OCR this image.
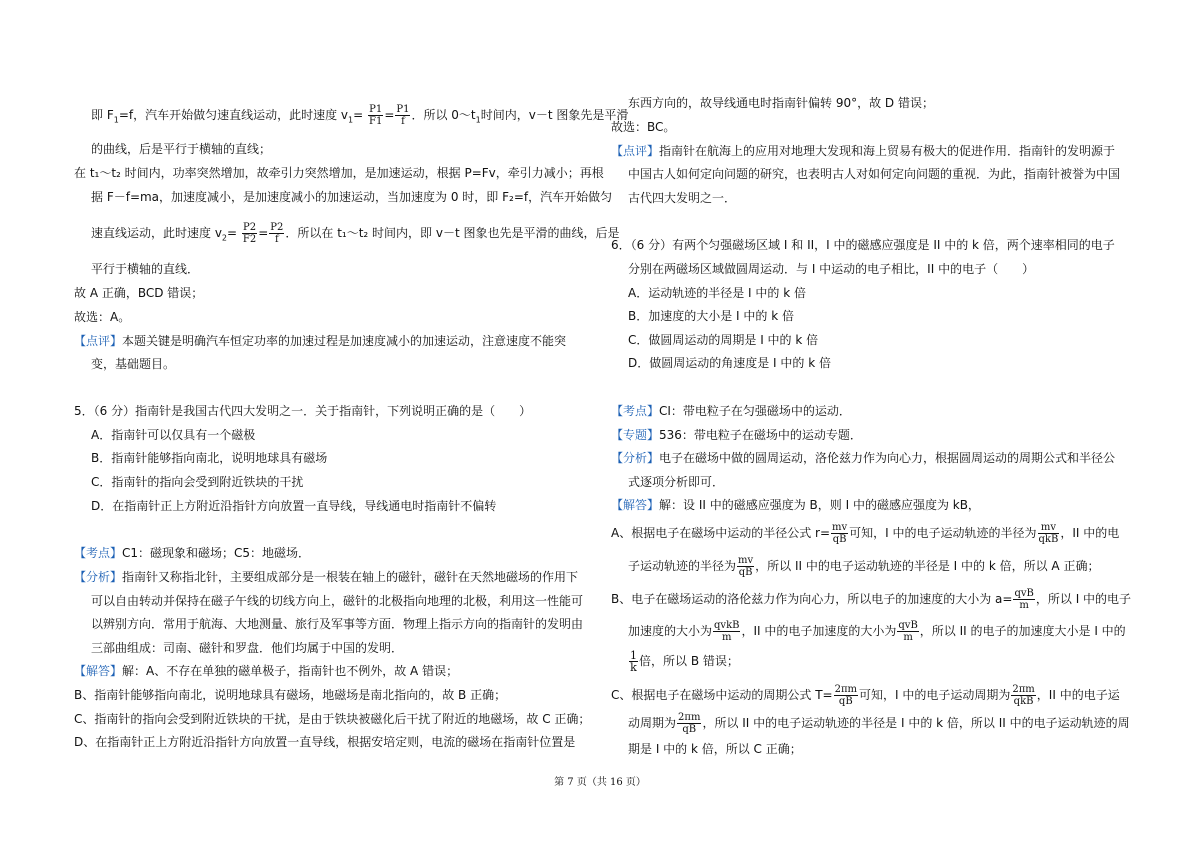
即 $F_1=f$，汽车开始做匀速直线运动，此时速度 $v_1= \frac{P1}{F1} = \frac{P1}{f}$ ．所以 $0\sim t_1$时间内，v－t 图象先是平滑
的曲线，后是平行于横轴的直线；
在 t₁～t₂ 时间内，功率突然增加，故牵引力突然增加，是加速运动，根据 P=Fv，牵引力减小；再根
据 F－f=ma，加速度减小，是加速度减小的加速运动，当加速度为 0 时，即 F₂=f，汽车开始做匀
速直线运动，此时速度 $v_2= \frac{P2}{F2} = \frac{P2}{f}$ ．所以在 t₁～t₂ 时间内，即 v－t 图象也先是平滑的曲线，后是
平行于横轴的直线．
故 A 正确，BCD 错误；
故选：A。
【点评】本题关键是明确汽车恒定功率的加速过程是加速度减小的加速运动，注意速度不能突
变，基础题目。
5．（6 分）指南针是我国古代四大发明之一．关于指南针，下列说明正确的是（　　）
A．指南针可以仅具有一个磁极
B．指南针能够指向南北，说明地球具有磁场
C．指南针的指向会受到附近铁块的干扰
D．在指南针正上方附近沿指针方向放置一直导线，导线通电时指南针不偏转
【考点】C1：磁现象和磁场；C5：地磁场．
【分析】指南针又称指北针，主要组成部分是一根装在轴上的磁针，磁针在天然地磁场的作用下
可以自由转动并保持在磁子午线的切线方向上，磁针的北极指向地理的北极，利用这一性能可
以辨别方向．常用于航海、大地测量、旅行及军事等方面．物理上指示方向的指南针的发明由
三部曲组成：司南、磁针和罗盘．他们均属于中国的发明．
【解答】解：A、不存在单独的磁单极子，指南针也不例外，故 A 错误；
B、指南针能够指向南北，说明地球具有磁场，地磁场是南北指向的，故 B 正确；
C、指南针的指向会受到附近铁块的干扰，是由于铁块被磁化后干扰了附近的地磁场，故 C 正确；
D、在指南针正上方附近沿指针方向放置一直导线，根据安培定则，电流的磁场在指南针位置是
东西方向的，故导线通电时指南针偏转 90°，故 D 错误；
故选：BC。
【点评】指南针在航海上的应用对地理大发现和海上贸易有极大的促进作用．指南针的发明源于
中国古人如何定向问题的研究，也表明古人对如何定向问题的重视．为此，指南针被誉为中国
古代四大发明之一．
6．（6 分）有两个匀强磁场区域 I 和 II，I 中的磁感应强度是 II 中的 k 倍，两个速率相同的电子
分别在两磁场区域做圆周运动．与 I 中运动的电子相比，II 中的电子（　　）
A．运动轨迹的半径是 I 中的 k 倍
B．加速度的大小是 I 中的 k 倍
C．做圆周运动的周期是 I 中的 k 倍
D．做圆周运动的角速度是 I 中的 k 倍
【考点】CI：带电粒子在匀强磁场中的运动．
【专题】536：带电粒子在磁场中的运动专题．
【分析】电子在磁场中做的圆周运动，洛伦兹力作为向心力，根据圆周运动的周期公式和半径公
式逐项分析即可．
【解答】解：设 II 中的磁感应强度为 B，则 I 中的磁感应强度为 kB，
A、根据电子在磁场中运动的半径公式 $r= \frac{mv}{qB}$ 可知，I 中的电子运动轨迹的半径为 $\frac{mv}{\text{qkB}}$ ，II 中的电
子运动轨迹的半径为 $\frac{mv}{qB}$ ，所以 II 中的电子运动轨迹的半径是 I 中的 k 倍，所以 A 正确；
B、电子在磁场运动的洛伦兹力作为向心力，所以电子的加速度的大小为 $a= \frac{\text{qvB}}{m}$ ，所以 I 中的电子
加速度的大小为 $\frac{\text{qvkB}}{m}$ ，II 中的电子加速度的大小为 $\frac{\text{qvB}}{m}$ ，所以 II 的电子的加速度大小是 I 中的
$\frac{1}{k}$ 倍，所以 B 错误；
C、根据电子在磁场中运动的周期公式 $T= \frac{2\pi m}{qB}$ 可知，I 中的电子运动周期为 $\frac{2\pi m}{\text{qkB}}$ ，II 中的电子运
动周期为 $\frac{2\pi m}{qB}$ ，所以 II 中的电子运动轨迹的半径是 I 中的 k 倍，所以 II 中的电子运动轨迹的周
期是 I 中的 k 倍，所以 C 正确；
第 7 页（共 16 页）
